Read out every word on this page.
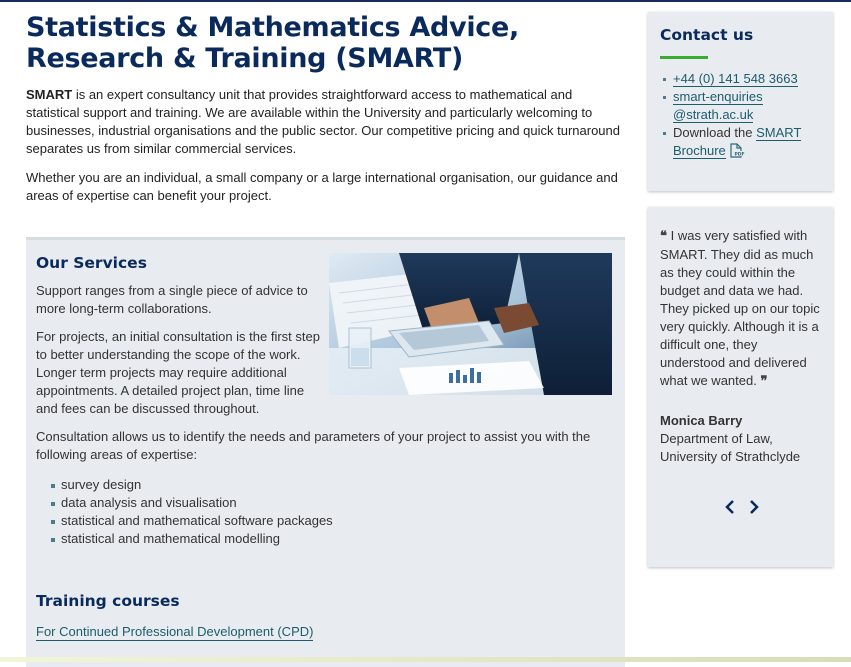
Statistics & Mathematics Advice, Research & Training (SMART)

SMART is an expert consultancy unit that provides straightforward access to mathematical and statistical support and training. We are available within the University and particularly welcoming to businesses, industrial organisations and the public sector. Our competitive pricing and quick turnaround separates us from similar commercial services.

Whether you are an individual, a small company or a large international organisation, our guidance and areas of expertise can benefit your project.

Our Services

Support ranges from a single piece of advice to more long-term collaborations.

For projects, an initial consultation is the first step to better understanding the scope of the work. Longer term projects may require additional appointments. A detailed project plan, time line and fees can be discussed throughout.

Consultation allows us to identify the needs and parameters of your project to assist you with the following areas of expertise:

survey design
data analysis and visualisation
statistical and mathematical software packages
statistical and mathematical modelling
Training courses
For Continued Professional Development (CPD)
Contact us
+44 (0) 141 548 3663
smart-enquiries
@strath.ac.uk
Download the SMART
Brochure PDF

❝ I was very satisfied with SMART. They did as much as they could within the budget and data we had. They picked up on our topic very quickly. Although it is a difficult one, they understood and delivered what we wanted. ❞

Monica Barry
Department of Law,
University of Strathclyde
